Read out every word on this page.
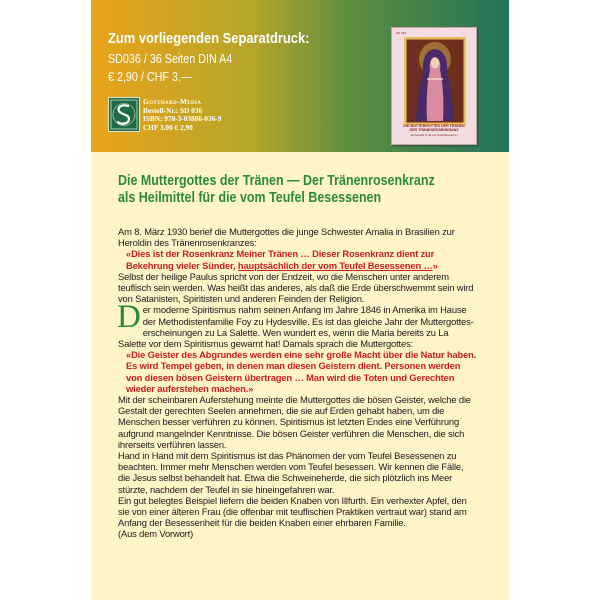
Zum vorliegenden Separatdruck:
SD036 / 36 Seiten DIN A4
€ 2,90 / CHF 3.—
Gotthard-Media
Bestell-Nr.: SD 036
ISBN: 978-3-03886-036-9
CHF 3.00 € 2,90
SD 036
DIE MUTTERGOTTES DER TRÄNEN
DER TRÄNENROSENKRANZ
als Heilmittel für die vom Teufel Besessenen
Die Muttergottes der Tränen — Der Tränenrosenkranz
als Heilmittel für die vom Teufel Besessenen

Am 8. März 1930 berief die Muttergottes die junge Schwester Amalia in Brasilien zur Heroldin des Tränenrosenkranzes:

«Dies ist der Rosenkranz Meiner Tränen … Dieser Rosenkranz dient zur Bekehrung vieler Sünder, hauptsächlich der vom Teufel Besessenen …»

Selbst der heilige Paulus spricht von der Endzeit, wo die Menschen unter anderem teuflisch sein werden. Was heißt das anderes, als daß die Erde überschwemmt sein wird von Satanisten, Spiritisten und anderen Feinden der Religion.

Der moderne Spiritismus nahm seinen Anfang im Jahre 1846 in Amerika im Hause der Methodistenfamilie Foy zu Hydesville. Es ist das gleiche Jahr der Muttergottes-erscheinungen zu La Salette. Wen wundert es, wenn die Maria bereits zu La Salette vor dem Spiritismus gewarnt hat! Damals sprach die Muttergottes:

«Die Geister des Abgrundes werden eine sehr große Macht über die Natur haben. Es wird Tempel geben, in denen man diesen Geistern dient. Personen werden von diesen bösen Geistern übertragen … Man wird die Toten und Gerechten wieder auferstehen machen.»

Mit der scheinbaren Auferstehung meinte die Muttergottes die bösen Geister, welche die Gestalt der gerechten Seelen annehmen, die sie auf Erden gehabt haben, um die Menschen besser verführen zu können. Spiritismus ist letzten Endes eine Verführung aufgrund mangelnder Kenntnisse. Die bösen Geister verführen die Menschen, die sich ihrerseits verführen lassen.

Hand in Hand mit dem Spiritismus ist das Phänomen der vom Teufel Besessenen zu beachten. Immer mehr Menschen werden vom Teufel besessen. Wir kennen die Fälle, die Jesus selbst behandelt hat. Etwa die Schweineherde, die sich plötzlich ins Meer stürzte, nachdem der Teufel in sie hineingefahren war.

Ein gut belegtes Beispiel liefern die beiden Knaben von Illfurth. Ein verhexter Apfel, den sie von einer älteren Frau (die offenbar mit teuflischen Praktiken vertraut war) stand am Anfang der Besessenheit für die beiden Knaben einer ehrbaren Familie.

(Aus dem Vorwort)
